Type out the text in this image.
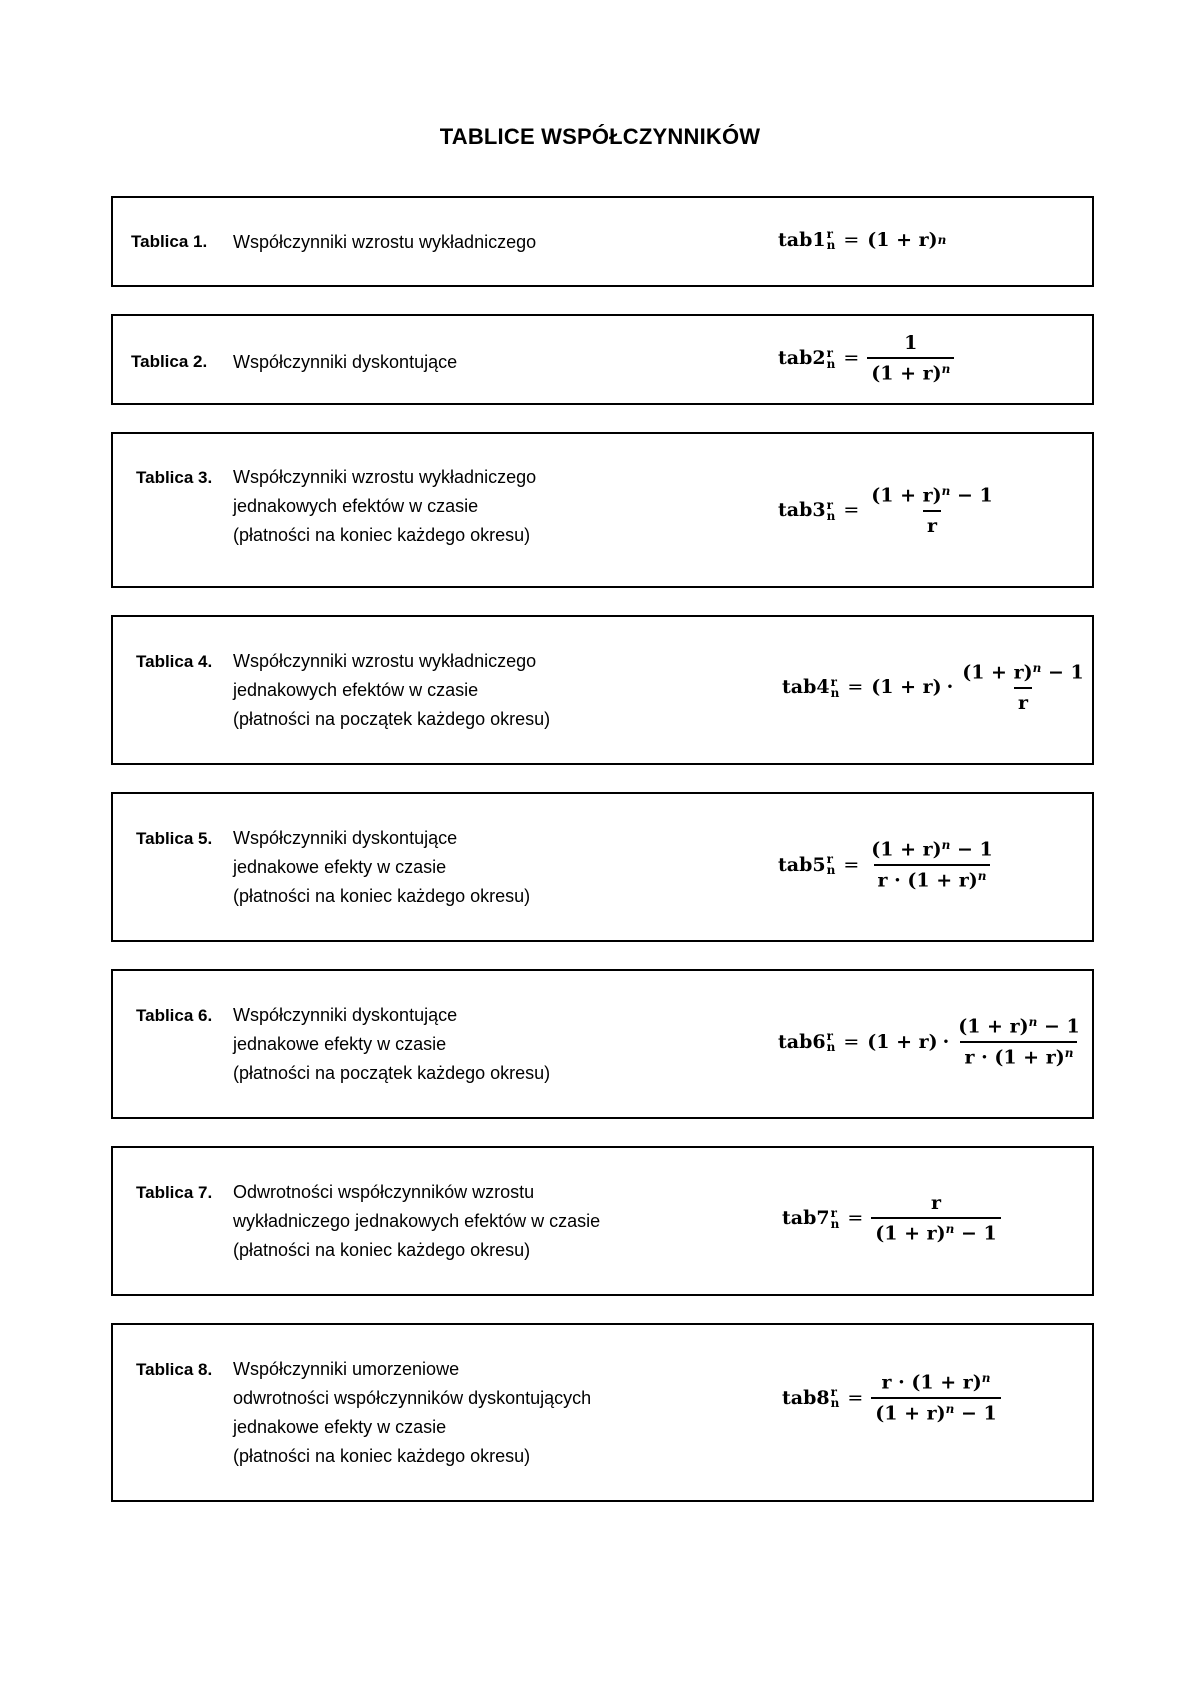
TABLICE WSPÓŁCZYNNIKÓW
Tablica 1. Współczynniki wzrostu wykładniczego	tab1 r
n = (1 + r) n
Tablica 2. Współczynniki dyskontujące	tab2 r
$n = \frac{1}{(1 + r)^n}$
Tablica 3. Współczynniki wzrostu wykładniczego
jednakowych efektów w czasie
(płatności na koniec każdego okresu)
tab3 r
$n = \frac{(1 + r)^n - 1}{r}$
Tablica 4. Współczynniki wzrostu wykładniczego
jednakowych efektów w czasie
(płatności na początek każdego okresu)
tab4 r
$n = (1 + r) \cdot \frac{(1 + r)^n - 1}{r}$
Tablica 5. Współczynniki dyskontujące
jednakowe efekty w czasie
(płatności na koniec każdego okresu)
tab5 r
$n = \frac{(1 + r)^n - 1}{r \cdot (1 + r)^n}$
Tablica 6. Współczynniki dyskontujące
jednakowe efekty w czasie
(płatności na początek każdego okresu)
tab6 r
$n = (1 + r) \cdot \frac{(1 + r)^n - 1}{r \cdot (1 + r)^n}$
Tablica 7. Odwrotności współczynników wzrostu
wykładniczego jednakowych efektów w czasie
(płatności na koniec każdego okresu)
tab7 r
$n = \frac{r}{(1 + r)^n - 1}$
Tablica 8. Współczynniki umorzeniowe
odwrotności współczynników dyskontujących
jednakowe efekty w czasie
(płatności na koniec każdego okresu)
tab8 r
$n = \frac{r \cdot (1 + r)^n}{(1 + r)^n - 1}$
